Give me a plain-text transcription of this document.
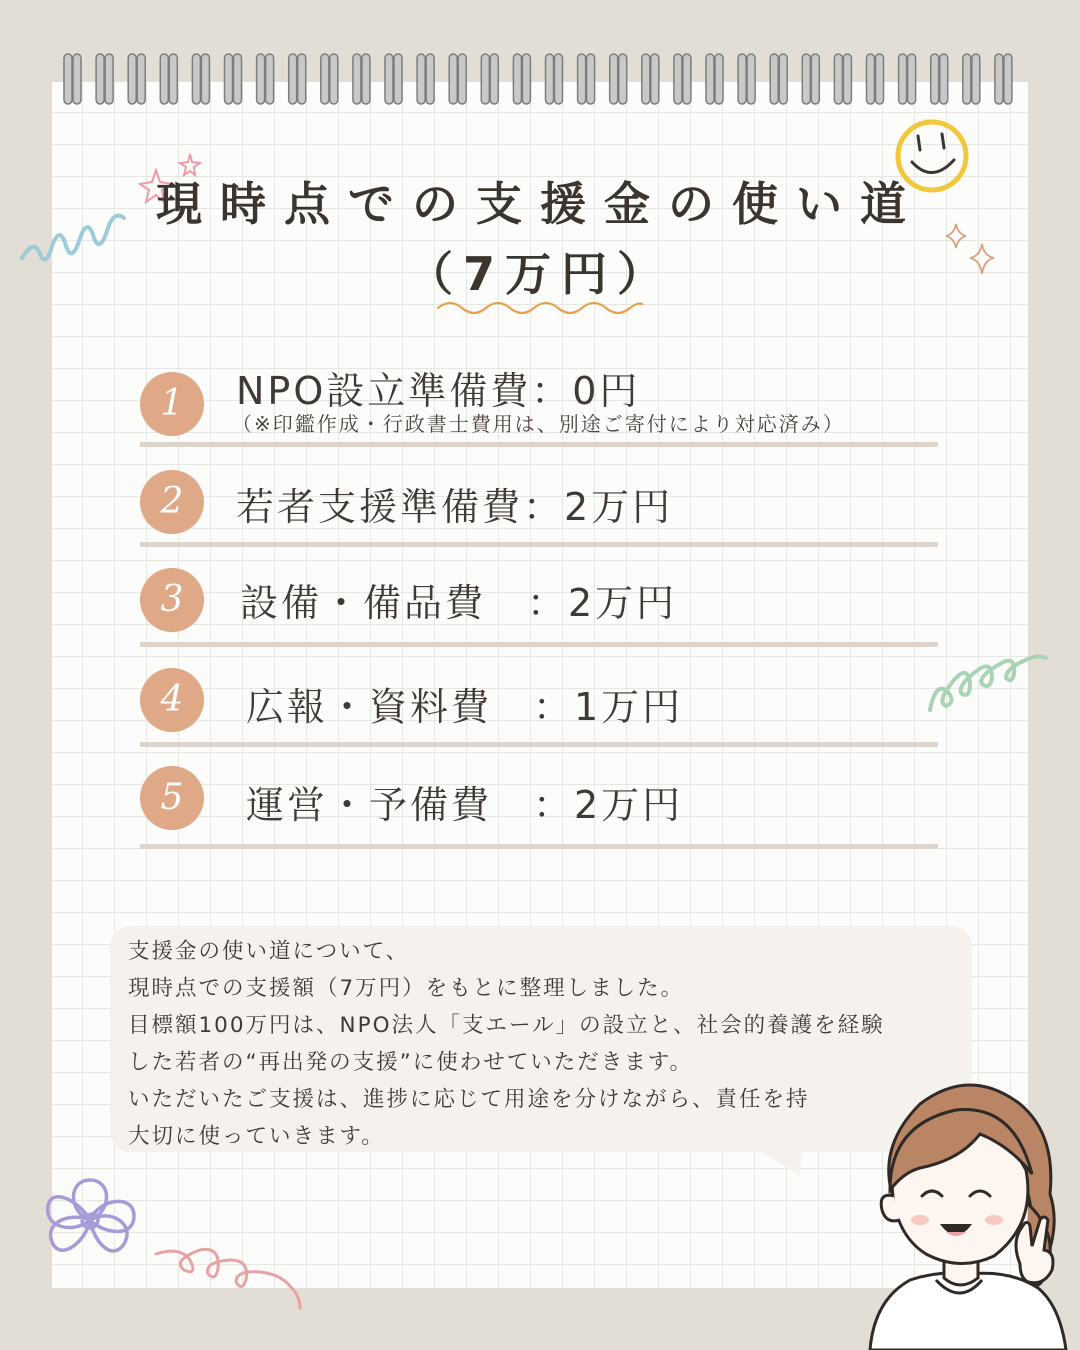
現時点での支援金の使い道
（7万円）
1	NPO設立準備費：0円
（※印鑑作成・行政書士費用は、別途ご寄付により対応済み）
2	若者支援準備費：2万円
3	設備・備品費　：2万円
4	広報・資料費　：1万円
5	運営・予備費　：2万円
支援金の使い道について、
現時点での支援額（7万円）をもとに整理しました。
目標額100万円は、NPO法人「支エール」の設立と、社会的養護を経験
した若者の“再出発の支援”に使わせていただきます。
いただいたご支援は、進捗に応じて用途を分けながら、責任を持
大切に使っていきます。
